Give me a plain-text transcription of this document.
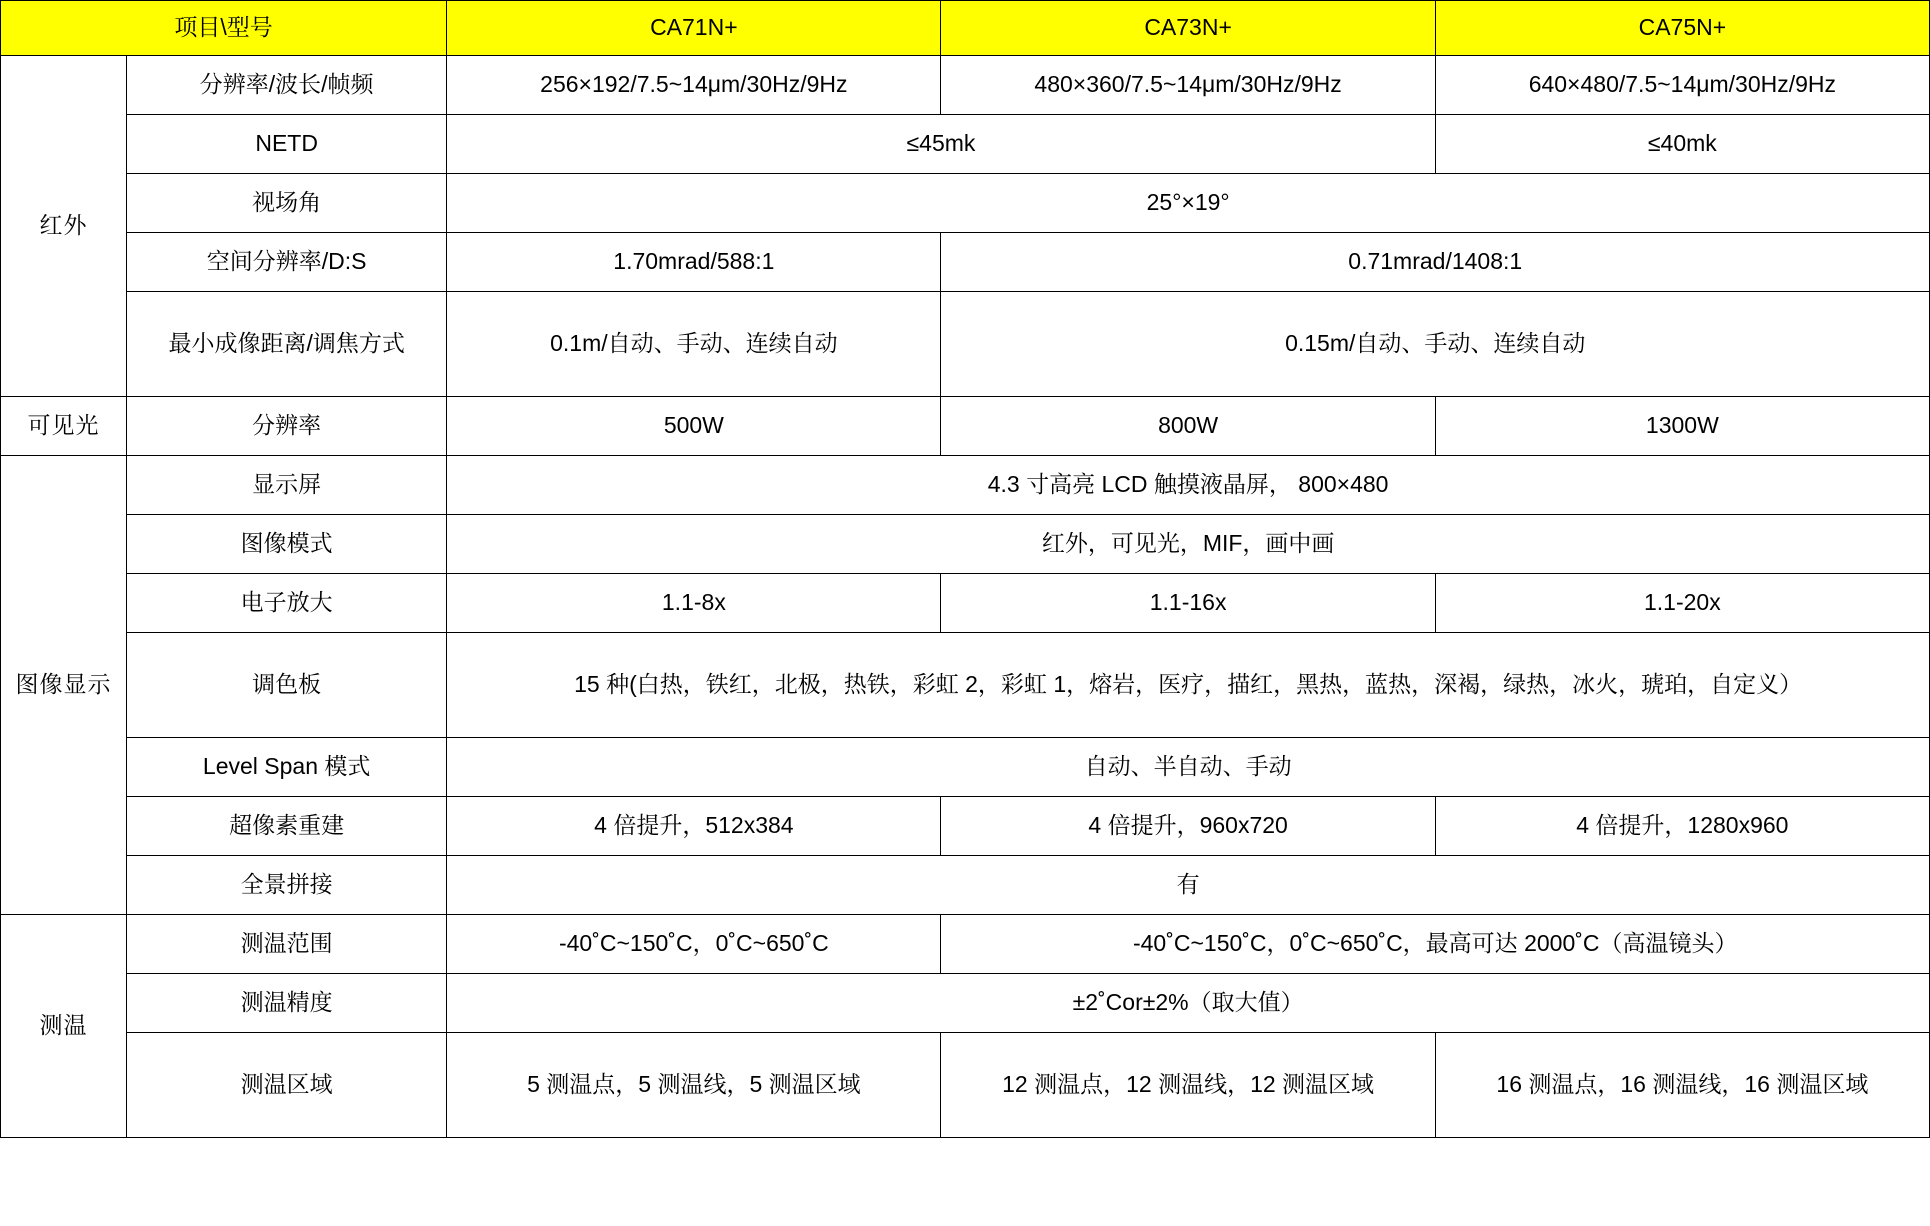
项目\型号		CA71N+	CA73N+	CA75N+
红外	分辨率/波长/帧频	256×192/7.5~14μm/30Hz/9Hz	480×360/7.5~14μm/30Hz/9Hz	640×480/7.5~14μm/30Hz/9Hz
	NETD	≤45mk		≤40mk
	视场角	25°×19°		
	空间分辨率/D:S	1.70mrad/588:1	0.71mrad/1408:1	
	最小成像距离/调焦方式	0.1m/自动、手动、连续自动	0.15m/自动、手动、连续自动	
可见光	分辨率	500W	800W	1300W
图像显示	显示屏	4.3 寸高亮 LCD 触摸液晶屏， 800×480		
	图像模式	红外，可见光，MIF，画中画		
	电子放大	1.1-8x	1.1-16x	1.1-20x
	调色板	15 种(白热，铁红，北极，热铁，彩虹 2，彩虹 1，熔岩，医疗，描红，黑热，蓝热，深褐，绿热，冰火，琥珀，自定义）		
	Level Span 模式	自动、半自动、手动		
	超像素重建	4 倍提升，512x384	4 倍提升，960x720	4 倍提升，1280x960
	全景拼接	有		
测温	测温范围	-40˚C~150˚C，0˚C~650˚C	-40˚C~150˚C，0˚C~650˚C，最高可达 2000˚C（高温镜头）	
	测温精度	±2˚Cor±2%（取大值）		
	测温区域	5 测温点，5 测温线，5 测温区域	12 测温点，12 测温线，12 测温区域	16 测温点，16 测温线，16 测温区域
